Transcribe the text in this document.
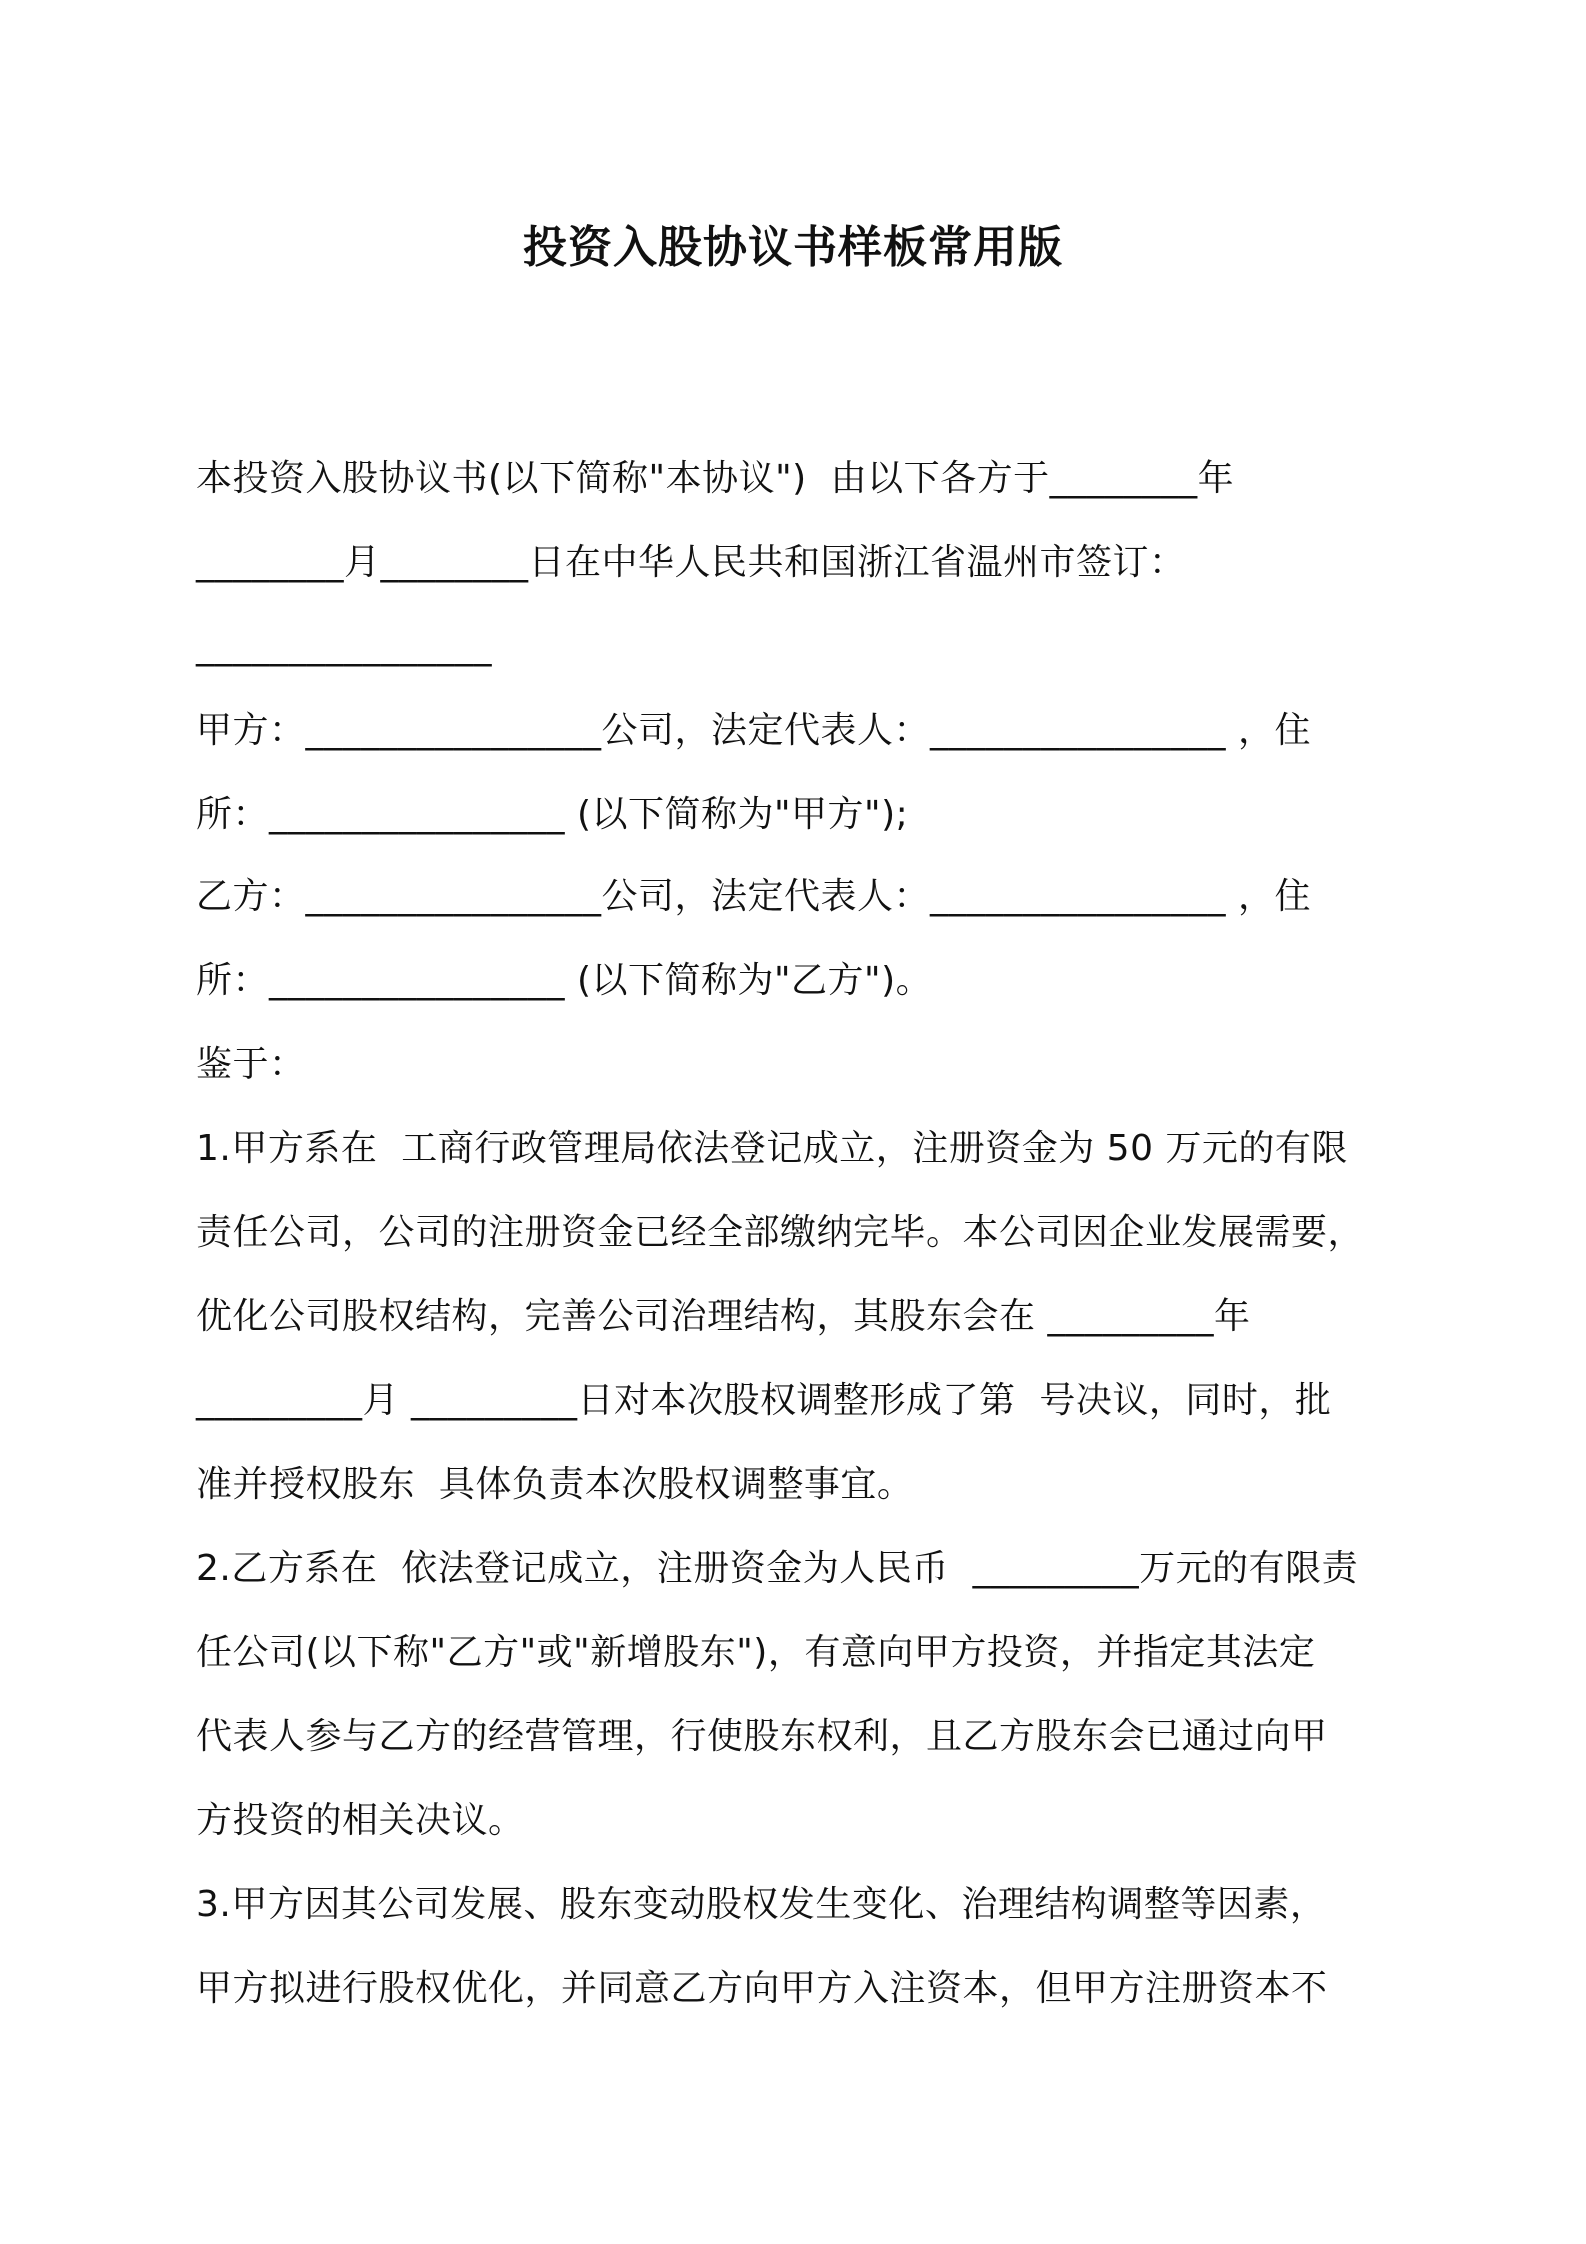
投资入股协议书样板常用版
本投资入股协议书(以下简称"本协议")  由以下各方于________年
________月________日在中华人民共和国浙江省温州市签订：
________________
甲方：________________公司，法定代表人：________________ ，住
所：________________ (以下简称为"甲方");
乙方：________________公司，法定代表人：________________ ，住
所：________________ (以下简称为"乙方")。
鉴于：
1.甲方系在  工商行政管理局依法登记成立，注册资金为 50 万元的有限
责任公司，公司的注册资金已经全部缴纳完毕。本公司因企业发展需要，
优化公司股权结构，完善公司治理结构，其股东会在 _________年
_________月 _________日对本次股权调整形成了第  号决议，同时，批
准并授权股东  具体负责本次股权调整事宜。
2.乙方系在  依法登记成立，注册资金为人民币  _________万元的有限责
任公司(以下称"乙方"或"新增股东")，有意向甲方投资，并指定其法定
代表人参与乙方的经营管理，行使股东权利，且乙方股东会已通过向甲
方投资的相关决议。
3.甲方因其公司发展、股东变动股权发生变化、治理结构调整等因素，
甲方拟进行股权优化，并同意乙方向甲方入注资本，但甲方注册资本不
